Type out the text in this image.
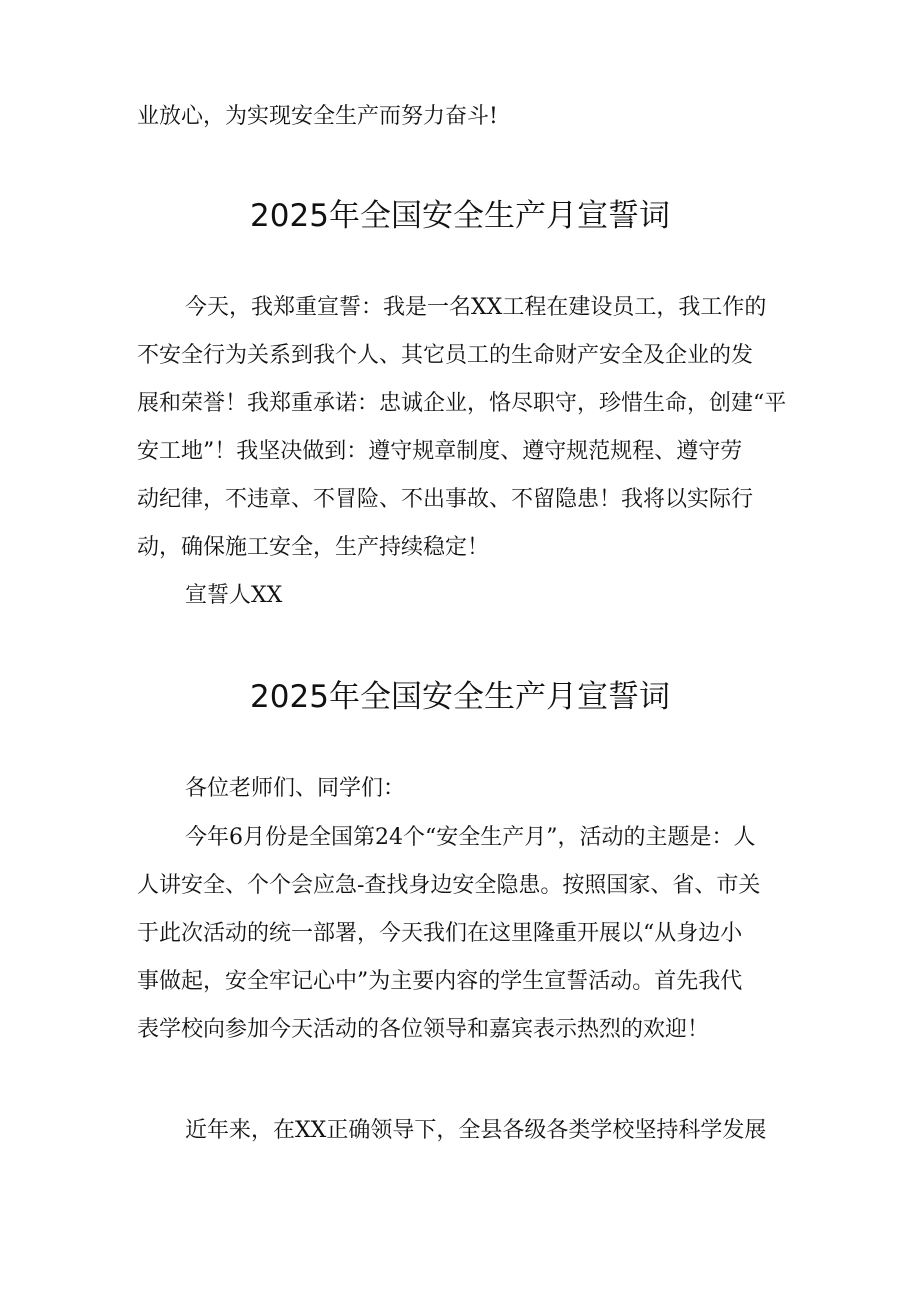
业放心，为实现安全生产而努力奋斗!
2025年全国安全生产月宣誓词
今天，我郑重宣誓：我是一名XX工程在建设员工，我工作的
不安全行为关系到我个人、其它员工的生命财产安全及企业的发
展和荣誉！我郑重承诺：忠诚企业，恪尽职守，珍惜生命，创建“平
安工地”！我坚决做到：遵守规章制度、遵守规范规程、遵守劳
动纪律，不违章、不冒险、不出事故、不留隐患！我将以实际行
动，确保施工安全，生产持续稳定！
宣誓人XX
2025年全国安全生产月宣誓词
各位老师们、同学们：
今年6月份是全国第24个“安全生产月”，活动的主题是：人
人讲安全、个个会应急-查找身边安全隐患。按照国家、省、市关
于此次活动的统一部署，今天我们在这里隆重开展以“从身边小
事做起，安全牢记心中”为主要内容的学生宣誓活动。首先我代
表学校向参加今天活动的各位领导和嘉宾表示热烈的欢迎！
近年来，在XX正确领导下，全县各级各类学校坚持科学发展
